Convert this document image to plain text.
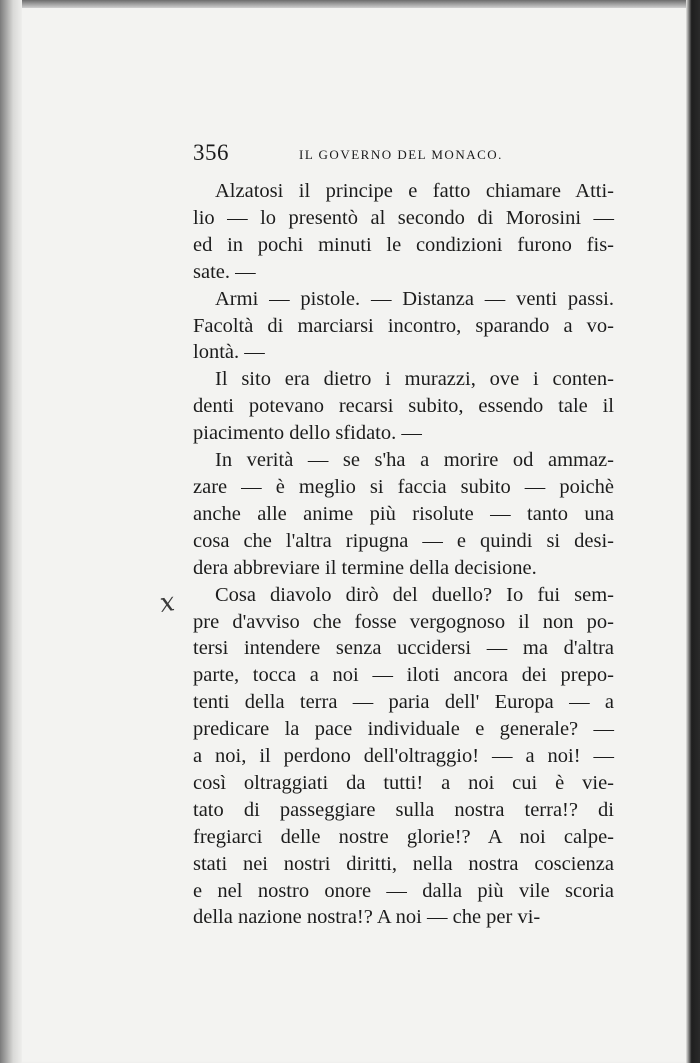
356	IL GOVERNO DEL MONACO.
x
Alzatosi il principe e fatto chiamare Atti-
lio — lo presentò al secondo di Morosini —
ed in pochi minuti le condizioni furono fis-
sate. —
Armi — pistole. — Distanza — venti passi.
Facoltà di marciarsi incontro, sparando a vo-
lontà. —
Il sito era dietro i murazzi, ove i conten-
denti potevano recarsi subito, essendo tale il
piacimento dello sfidato. —
In verità — se s'ha a morire od ammaz-
zare — è meglio si faccia subito — poichè
anche alle anime più risolute — tanto una
cosa che l'altra ripugna — e quindi si desi-
dera abbreviare il termine della decisione.
Cosa diavolo dirò del duello? Io fui sem-
pre d'avviso che fosse vergognoso il non po-
tersi intendere senza uccidersi — ma d'altra
parte, tocca a noi — iloti ancora dei prepo-
tenti della terra — paria dell' Europa — a
predicare la pace individuale e generale? —
a noi, il perdono dell'oltraggio! — a noi! —
così oltraggiati da tutti! a noi cui è vie-
tato di passeggiare sulla nostra terra!? di
fregiarci delle nostre glorie!? A noi calpe-
stati nei nostri diritti, nella nostra coscienza
e nel nostro onore — dalla più vile scoria
della nazione nostra!? A noi — che per vi-
